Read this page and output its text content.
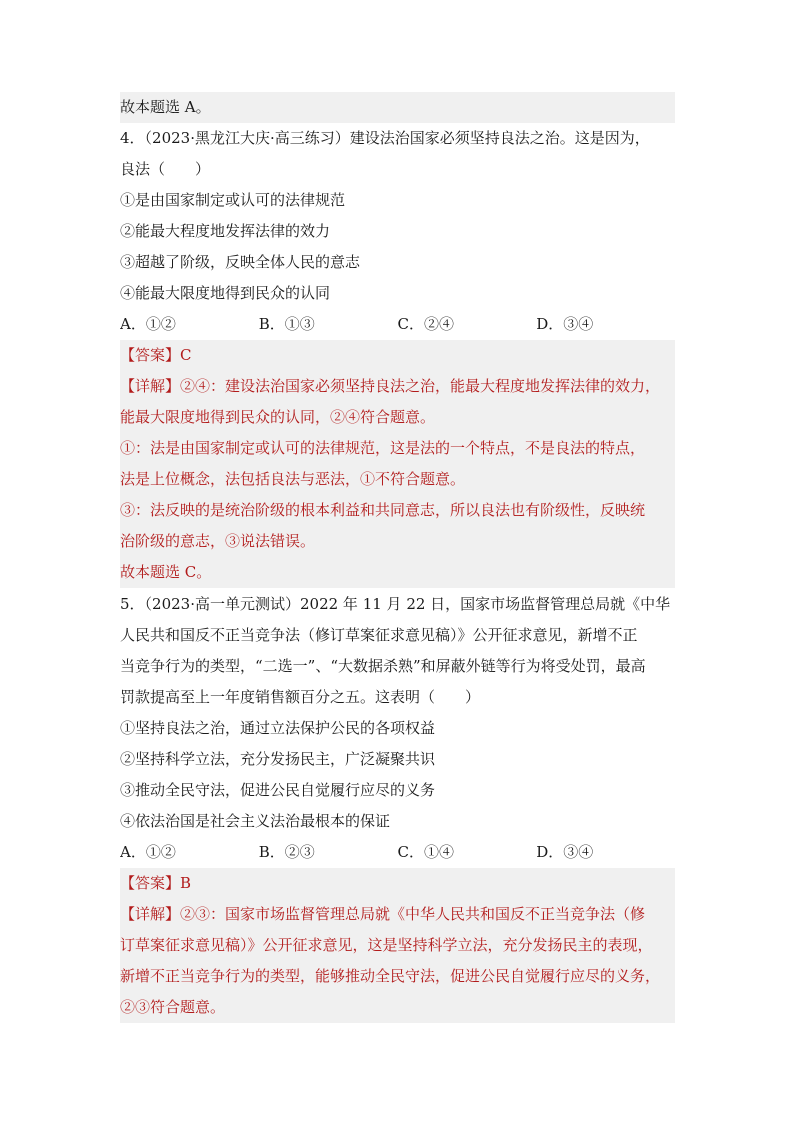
故本题选 A。
4．（2023·黑龙江大庆·高三练习）建设法治国家必须坚持良法之治。这是因为，
良法（　　）
①是由国家制定或认可的法律规范
②能最大程度地发挥法律的效力
③超越了阶级，反映全体人民的意志
④能最大限度地得到民众的认同
A．①②	B．①③	C．②④	D．③④
【答案】C
【详解】②④：建设法治国家必须坚持良法之治，能最大程度地发挥法律的效力，
能最大限度地得到民众的认同，②④符合题意。
①：法是由国家制定或认可的法律规范，这是法的一个特点，不是良法的特点，
法是上位概念，法包括良法与恶法，①不符合题意。
③：法反映的是统治阶级的根本利益和共同意志，所以良法也有阶级性，反映统
治阶级的意志，③说法错误。
故本题选 C。
5．（2023·高一单元测试）2022 年 11 月 22 日，国家市场监督管理总局就《中华
人民共和国反不正当竞争法（修订草案征求意见稿）》公开征求意见，新增不正
当竞争行为的类型，“二选一”、“大数据杀熟”和屏蔽外链等行为将受处罚，最高
罚款提高至上一年度销售额百分之五。这表明（　　）
①坚持良法之治，通过立法保护公民的各项权益
②坚持科学立法，充分发扬民主，广泛凝聚共识
③推动全民守法，促进公民自觉履行应尽的义务
④依法治国是社会主义法治最根本的保证
A．①②	B．②③	C．①④	D．③④
【答案】B
【详解】②③：国家市场监督管理总局就《中华人民共和国反不正当竞争法（修
订草案征求意见稿）》公开征求意见，这是坚持科学立法，充分发扬民主的表现，
新增不正当竞争行为的类型，能够推动全民守法，促进公民自觉履行应尽的义务，
②③符合题意。
